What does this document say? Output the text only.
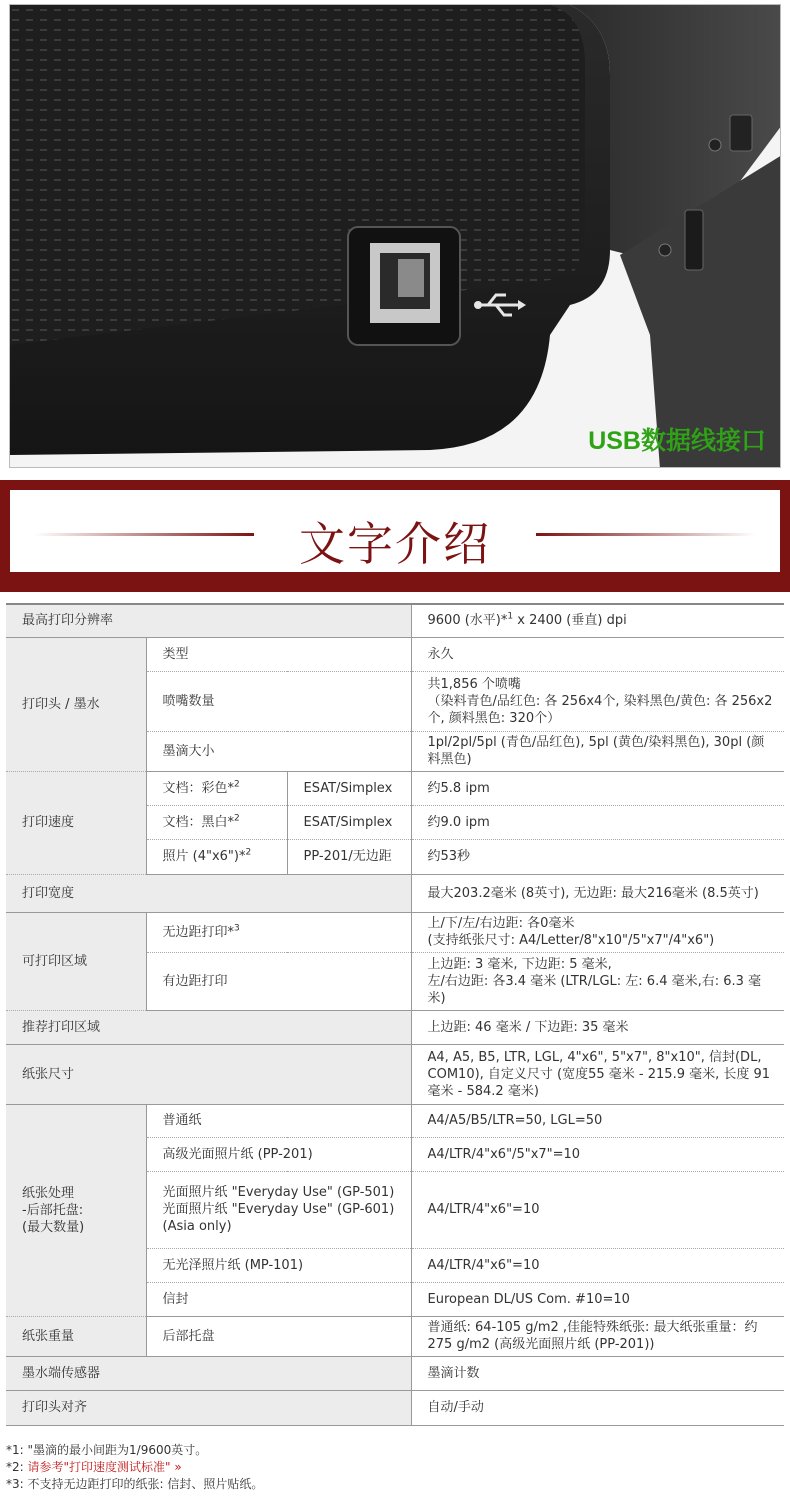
USB数据线接口
文字介绍
最高打印分辨率			9600 (水平)*$^1$ x 2400 (垂直) dpi
打印头 / 墨水	类型		永久
	喷嘴数量		共1,856 个喷嘴
（染料青色/品红色: 各 256x4个, 染料黑色/黄色: 各 256x2个, 颜料黑色: 320个）
	墨滴大小		1pl/2pl/5pl (青色/品红色), 5pl (黄色/染料黑色), 30pl (颜料黑色)
打印速度	文档：彩色*$^2$	ESAT/Simplex	约5.8 ipm
	文档：黑白*$^2$	ESAT/Simplex	约9.0 ipm
	照片 (4"x6")*$^2$	PP-201/无边距	约53秒
打印宽度			最大203.2毫米 (8英寸), 无边距: 最大216毫米 (8.5英寸)
可打印区域	无边距打印*$^3$		上/下/左/右边距: 各0毫米
(支持纸张尺寸: A4/Letter/8"x10"/5"x7"/4"x6")
	有边距打印		上边距: 3 毫米, 下边距: 5 毫米,
左/右边距: 各3.4 毫米 (LTR/LGL: 左: 6.4 毫米,右: 6.3 毫米)
推荐打印区域			上边距: 46 毫米 / 下边距: 35 毫米
纸张尺寸			A4, A5, B5, LTR, LGL, 4"x6", 5"x7", 8"x10", 信封(DL, COM10), 自定义尺寸 (宽度55 毫米 - 215.9 毫米, 长度 91 毫米 - 584.2 毫米)
纸张处理
-后部托盘:
(最大数量)	普通纸		A4/A5/B5/LTR=50, LGL=50
	高级光面照片纸 (PP-201)		A4/LTR/4"x6"/5"x7"=10
	光面照片纸 "Everyday Use" (GP-501)
光面照片纸 "Everyday Use" (GP-601) (Asia only)		A4/LTR/4"x6"=10
	无光泽照片纸 (MP-101)		A4/LTR/4"x6"=10
	信封		European DL/US Com. #10=10
纸张重量	后部托盘		普通纸: 64-105 g/m2 ,佳能特殊纸张: 最大纸张重量：约275 g/m2 (高级光面照片纸 (PP-201))
墨水端传感器			墨滴计数
打印头对齐			自动/手动
*1: "墨滴的最小间距为1/9600英寸。
*2: 请参考"打印速度测试标准" »
*3: 不支持无边距打印的纸张: 信封、照片贴纸。
